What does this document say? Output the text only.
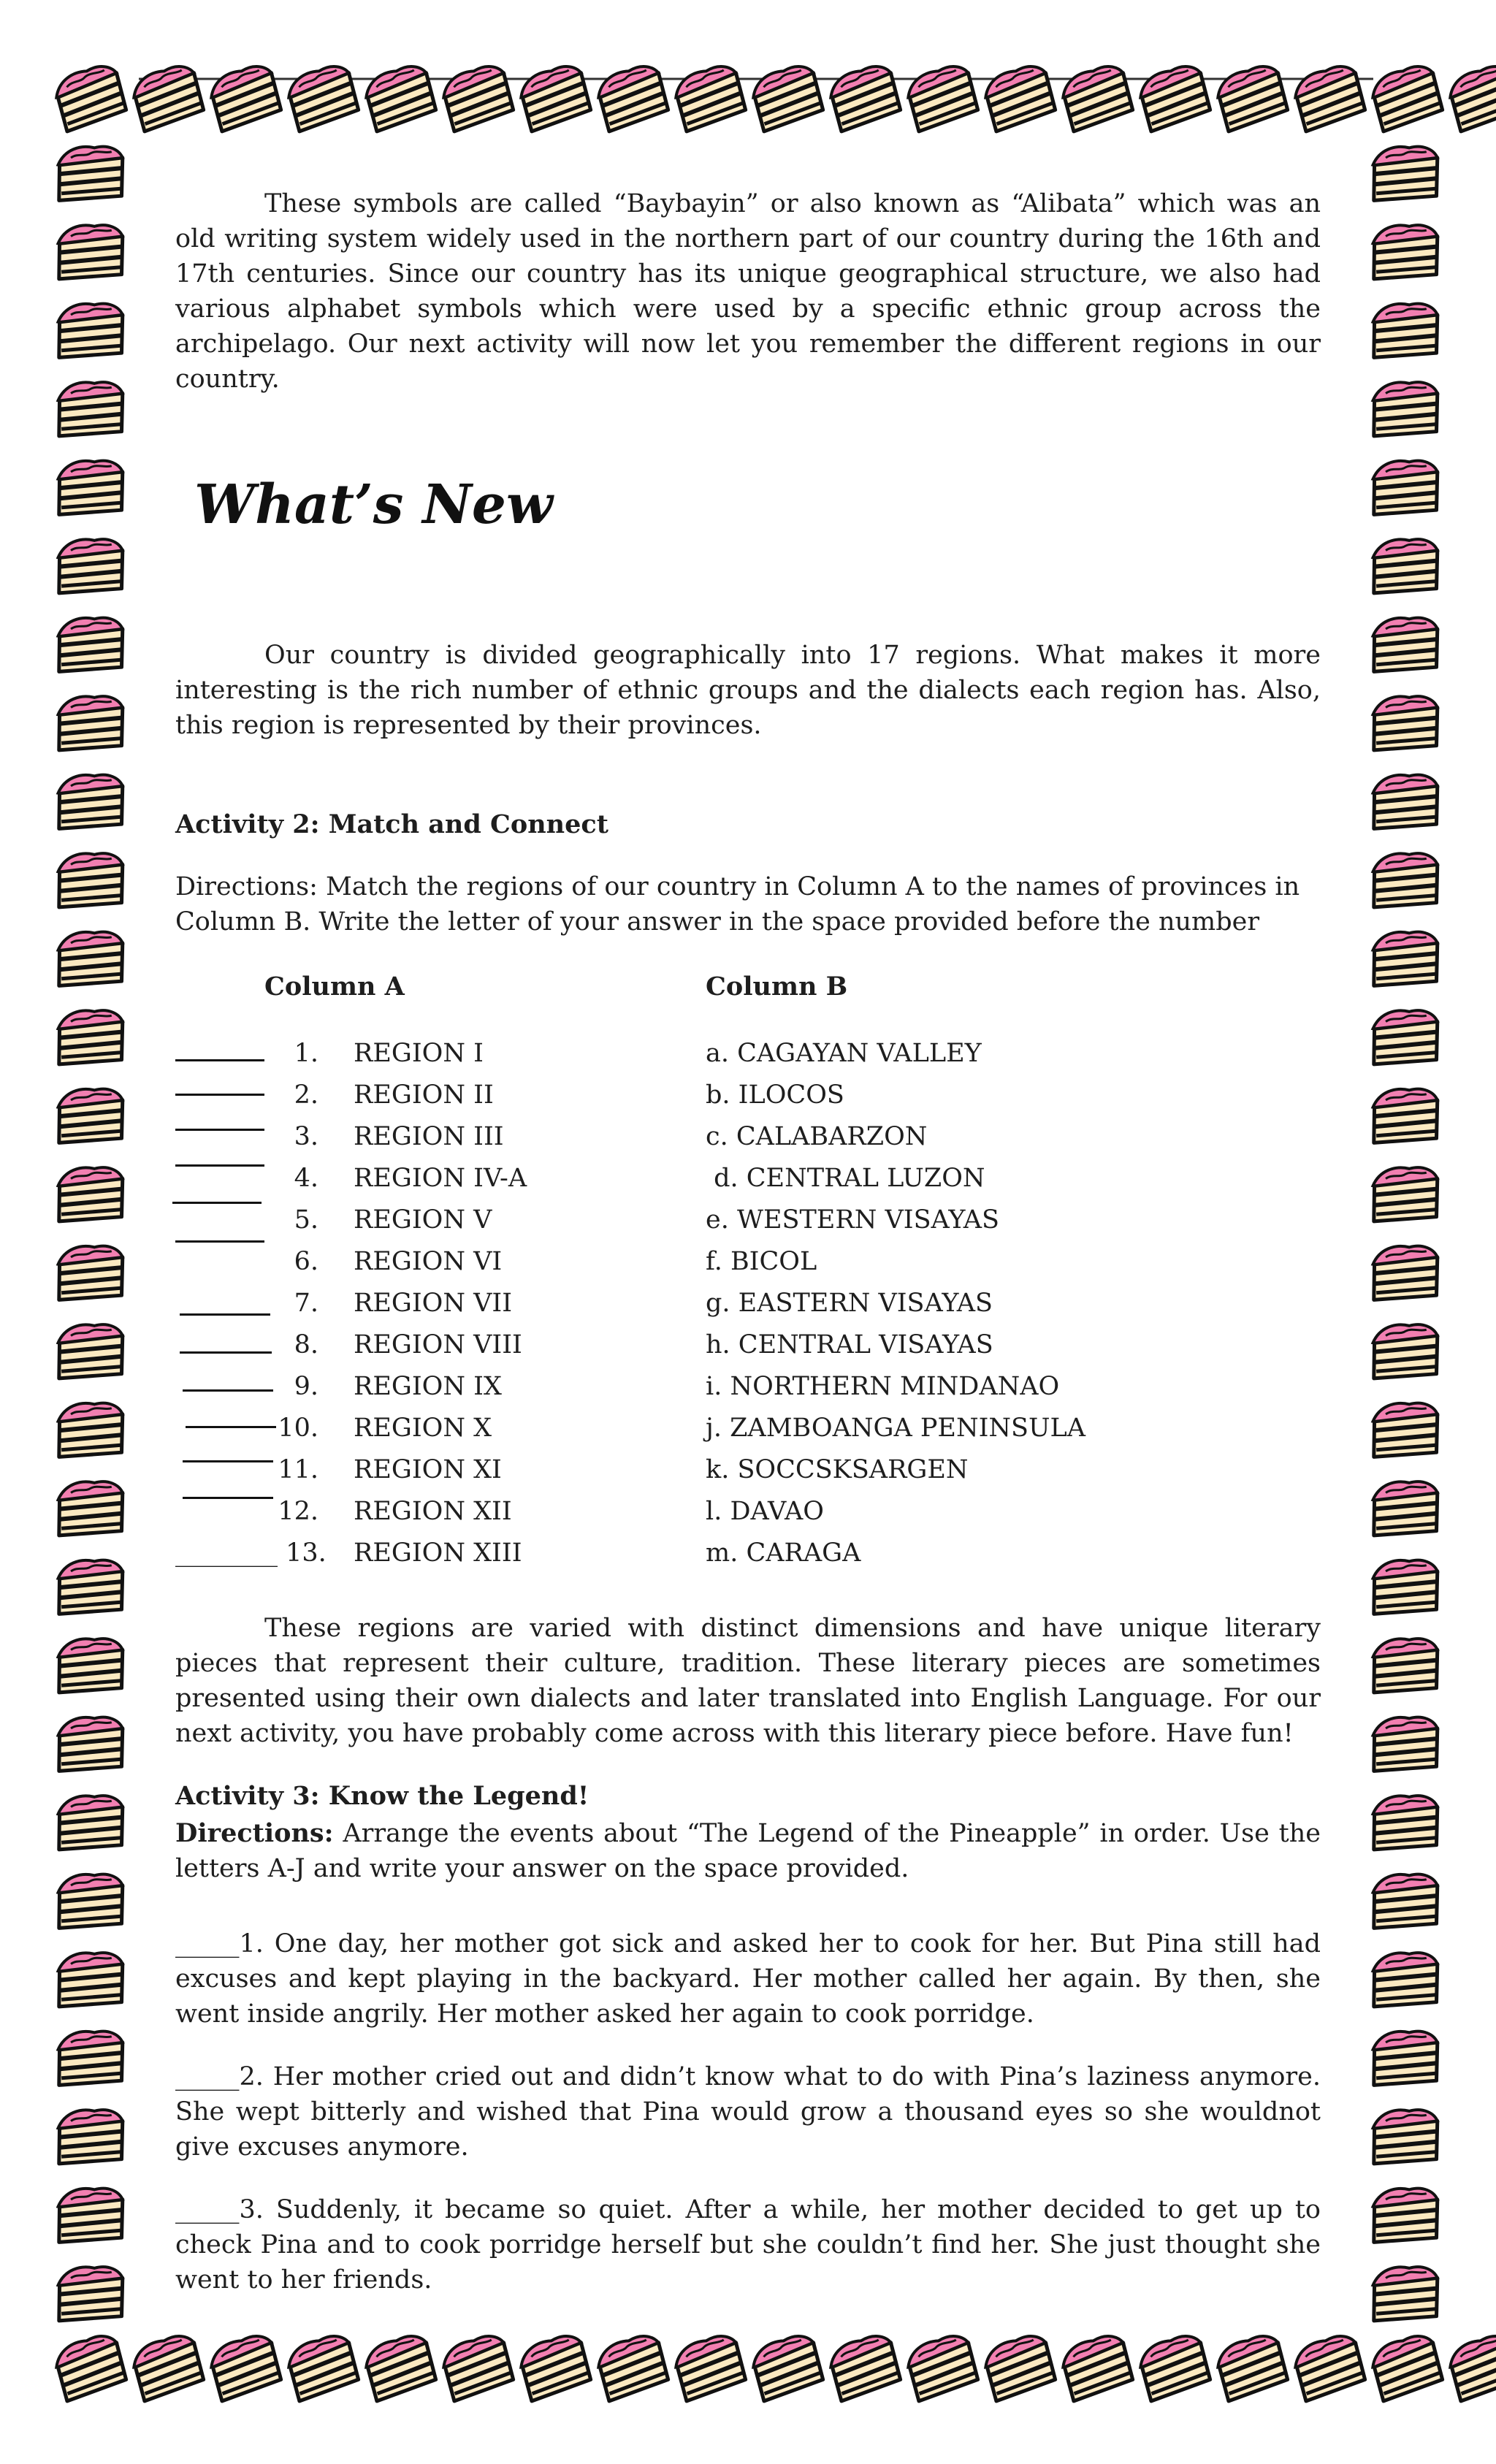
These symbols are called “Baybayin” or also known as “Alibata” which was an old writing system widely used in the northern part of our country during the 16th and 17th centuries. Since our country has its unique geographical structure, we also had various alphabet symbols which were used by a specific ethnic group across the archipelago. Our next activity will now let you remember the different regions in our country.

What’s New

Our country is divided geographically into 17 regions. What makes it more interesting is the rich number of ethnic groups and the dialects each region has. Also, this region is represented by their provinces.

Activity 2: Match and Connect

Directions: Match the regions of our country in Column A to the names of provinces in Column B. Write the letter of your answer in the space provided before the number

Column A	Column B

1. REGION I	a. CAGAYAN VALLEY
2. REGION II	b. ILOCOS
3. REGION III	c. CALABARZON
4. REGION IV-A	d. CENTRAL LUZON
5. REGION V	e. WESTERN VISAYAS
6. REGION VI	f. BICOL
7. REGION VII	g. EASTERN VISAYAS
8. REGION VIII	h. CENTRAL VISAYAS
9. REGION IX	i. NORTHERN MINDANAO
10. REGION X	j. ZAMBOANGA PENINSULA
11. REGION XI	k. SOCCSKSARGEN
12. REGION XII	l. DAVAO
________ 13. REGION XIII	m. CARAGA

These regions are varied with distinct dimensions and have unique literary pieces that represent their culture, tradition. These literary pieces are sometimes presented using their own dialects and later translated into English Language. For our next activity, you have probably come across with this literary piece before. Have fun!

Activity 3: Know the Legend!

Directions: Arrange the events about “The Legend of the Pineapple” in order. Use the letters A-J and write your answer on the space provided.

_____1. One day, her mother got sick and asked her to cook for her. But Pina still had excuses and kept playing in the backyard. Her mother called her again. By then, she went inside angrily. Her mother asked her again to cook porridge.

_____2. Her mother cried out and didn’t know what to do with Pina’s laziness anymore. She wept bitterly and wished that Pina would grow a thousand eyes so she wouldnot give excuses anymore.

_____3. Suddenly, it became so quiet. After a while, her mother decided to get up to check Pina and to cook porridge herself but she couldn’t find her. She just thought she went to her friends.
